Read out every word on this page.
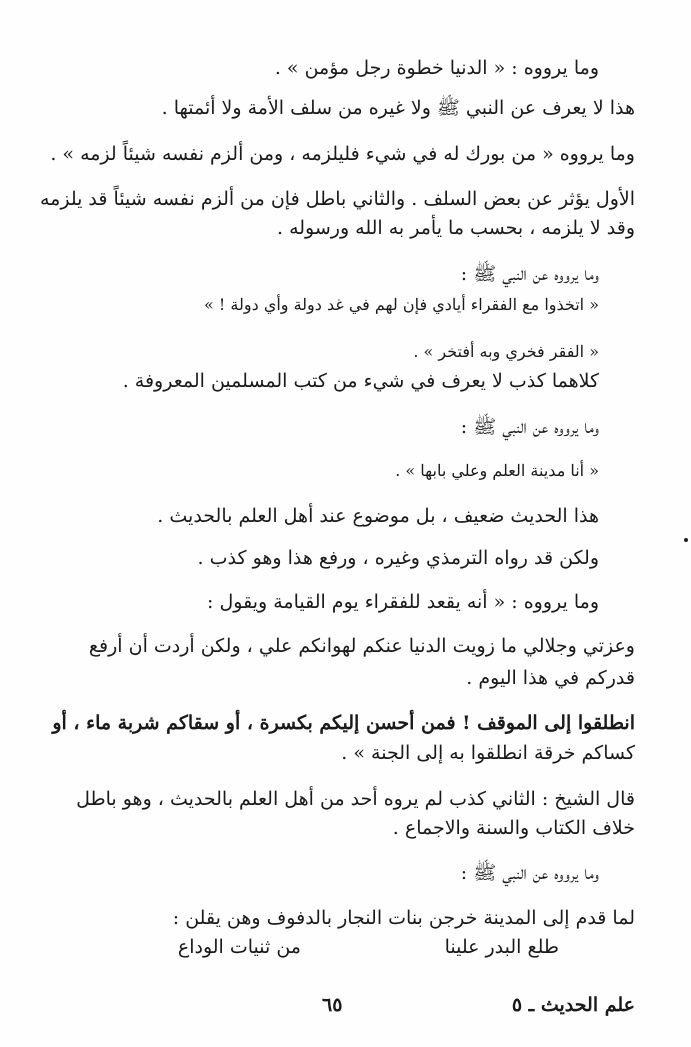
وما يرووه : « الدنيا خطوة رجل مؤمن » .
هذا لا يعرف عن النبي ﷺ ولا غيره من سلف الأمة ولا أئمتها .
وما يرووه « من بورك له في شيء فليلزمه ، ومن ألزم نفسه شيئاً لزمه » .
الأول يؤثر عن بعض السلف . والثاني باطل فإن من ألزم نفسه شيئاً قد يلزمه
وقد لا يلزمه ، بحسب ما يأمر به الله ورسوله .
وما يرووه عن النبي ﷺ :
« اتخذوا مع الفقراء أيادي فإن لهم في غد دولة وأي دولة ! »
« الفقر فخري وبه أفتخر » .
كلاهما كذب لا يعرف في شيء من كتب المسلمين المعروفة .
وما يرووه عن النبي ﷺ :
« أنا مدينة العلم وعلي بابها » .
هذا الحديث ضعيف ، بل موضوع عند أهل العلم بالحديث .
ولكن قد رواه الترمذي وغيره ، ورفع هذا وهو كذب .
وما يرووه : « أنه يقعد للفقراء يوم القيامة ويقول :
وعزتي وجلالي ما زويت الدنيا عنكم لهوانكم علي ، ولكن أردت أن أرفع
قدركم في هذا اليوم .
انطلقوا إلى الموقف ! فمن أحسن إليكم بكسرة ، أو سقاكم شربة ماء ، أو
كساكم خرقة انطلقوا به إلى الجنة » .
قال الشيخ : الثاني كذب لم يروه أحد من أهل العلم بالحديث ، وهو باطل
خلاف الكتاب والسنة والاجماع .
وما يرووه عن النبي ﷺ :
لما قدم إلى المدينة خرجن بنات النجار بالدفوف وهن يقلن :
طلع البدر علينا
من ثنيات الوداع
علم الحديث ـ ٥
٦٥
